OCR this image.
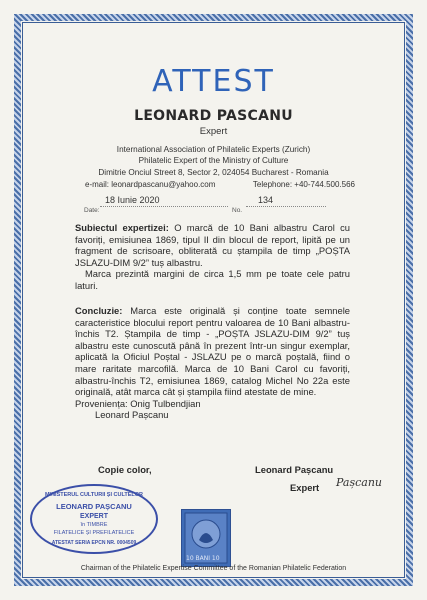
ATTEST
LEONARD PASCANU
Expert
International Association of Philatelic Experts (Zurich)
Philatelic Expert of the Ministry of Culture
Dimitrie Onciul Street 8, Sector 2, 024054 Bucharest - Romania
e-mail: leonardpascanu@yahoo.com	Telephone: +40-744.500.566
Date:
18 Iunie 2020
No.
134

Subiectul expertizei: O marcă de 10 Bani albastru Carol cu favoriți, emisiunea 1869, tipul II din blocul de report, lipită pe un fragment de scrisoare, obliterată cu ștampila de timp „POȘTA JSLAZU-DIM 9/2” tuș albastru.

Marca prezintă margini de circa 1,5 mm pe toate cele patru laturi.

Concluzie: Marca este originală și conține toate semnele caracteristice blocului report pentru valoarea de 10 Bani albastru-închis T2. Ștampila de timp - „POȘTA JSLAZU-DIM 9/2” tuș albastru este cunoscută până în prezent într-un singur exemplar, aplicată la Oficiul Poștal - JSLAZU pe o marcă poștală, fiind o mare raritate marcofilă. Marca de 10 Bani Carol cu favoriți, albastru-închis T2, emisiunea 1869, catalog Michel No 22a este originală, atât marca cât și ștampila fiind atestate de mine.

Proveniența: Onig Tulbendjian

Leonard Pașcanu

Copie color,	Leonard Pașcanu
Expert Pașcanu
10 BANI 10
MINISTERUL CULTURII ȘI CULTELOR
LEONARD PAȘCANU
EXPERT
în TIMBRE
FILATELICE ȘI PREFILATELICE
ATESTAT SERIA EPCN NR. 0004509
Chairman of the Philatelic Expertise Committee of the Romanian Philatelic Federation
